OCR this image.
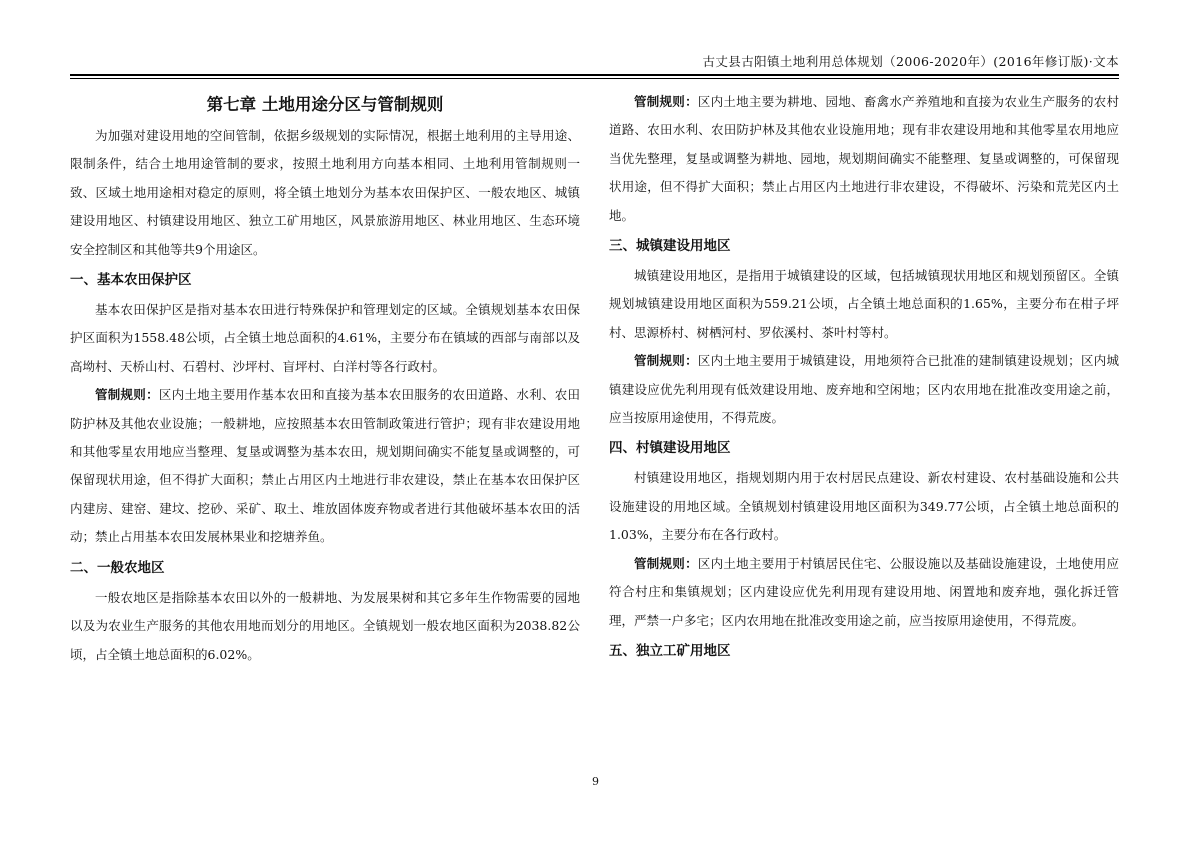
古丈县古阳镇土地利用总体规划（2006-2020年）(2016年修订版)·文本
第七章 土地用途分区与管制规则

为加强对建设用地的空间管制，依据乡级规划的实际情况，根据土地利用的主导用途、限制条件，结合土地用途管制的要求，按照土地利用方向基本相同、土地利用管制规则一致、区域土地用途相对稳定的原则，将全镇土地划分为基本农田保护区、一般农地区、城镇建设用地区、村镇建设用地区、独立工矿用地区，风景旅游用地区、林业用地区、生态环境安全控制区和其他等共9个用途区。

一、基本农田保护区

基本农田保护区是指对基本农田进行特殊保护和管理划定的区域。全镇规划基本农田保护区面积为1558.48公顷，占全镇土地总面积的4.61%，主要分布在镇域的西部与南部以及高坳村、天桥山村、石碧村、沙坪村、盲坪村、白洋村等各行政村。

管制规则：区内土地主要用作基本农田和直接为基本农田服务的农田道路、水利、农田防护林及其他农业设施；一般耕地，应按照基本农田管制政策进行管护；现有非农建设用地和其他零星农用地应当整理、复垦或调整为基本农田，规划期间确实不能复垦或调整的，可保留现状用途，但不得扩大面积；禁止占用区内土地进行非农建设，禁止在基本农田保护区内建房、建窑、建坟、挖砂、采矿、取土、堆放固体废弃物或者进行其他破坏基本农田的活动；禁止占用基本农田发展林果业和挖塘养鱼。

二、一般农地区

一般农地区是指除基本农田以外的一般耕地、为发展果树和其它多年生作物需要的园地以及为农业生产服务的其他农用地而划分的用地区。全镇规划一般农地区面积为2038.82公顷，占全镇土地总面积的6.02%。

管制规则：区内土地主要为耕地、园地、畜禽水产养殖地和直接为农业生产服务的农村道路、农田水利、农田防护林及其他农业设施用地；现有非农建设用地和其他零星农用地应当优先整理，复垦或调整为耕地、园地，规划期间确实不能整理、复垦或调整的，可保留现状用途，但不得扩大面积；禁止占用区内土地进行非农建设，不得破坏、污染和荒芜区内土地。

三、城镇建设用地区

城镇建设用地区，是指用于城镇建设的区域，包括城镇现状用地区和规划预留区。全镇规划城镇建设用地区面积为559.21公顷，占全镇土地总面积的1.65%，主要分布在柑子坪村、思源桥村、树栖河村、罗依溪村、茶叶村等村。

管制规则：区内土地主要用于城镇建设，用地须符合已批准的建制镇建设规划；区内城镇建设应优先利用现有低效建设用地、废弃地和空闲地；区内农用地在批准改变用途之前，应当按原用途使用，不得荒废。

四、村镇建设用地区

村镇建设用地区，指规划期内用于农村居民点建设、新农村建设、农村基础设施和公共设施建设的用地区域。全镇规划村镇建设用地区面积为349.77公顷，占全镇土地总面积的1.03%，主要分布在各行政村。

管制规则：区内土地主要用于村镇居民住宅、公服设施以及基础设施建设，土地使用应符合村庄和集镇规划；区内建设应优先利用现有建设用地、闲置地和废弃地，强化拆迁管理，严禁一户多宅；区内农用地在批准改变用途之前，应当按原用途使用，不得荒废。

五、独立工矿用地区
9
